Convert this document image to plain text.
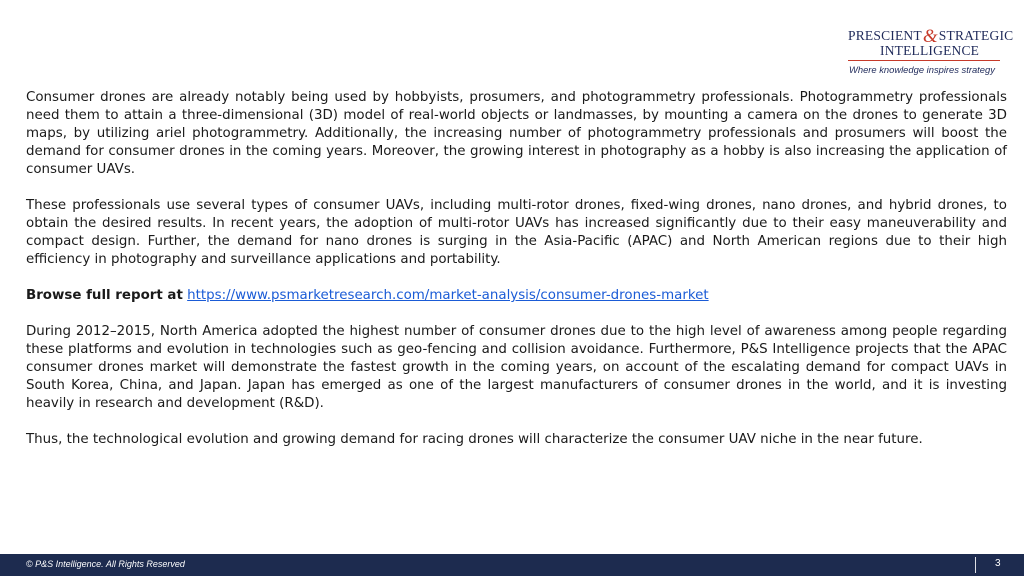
PRESCIENT&STRATEGIC
INTELLIGENCE
Where knowledge inspires strategy

Consumer drones are already notably being used by hobbyists, prosumers, and photogrammetry professionals. Photogrammetry professionals need them to attain a three-dimensional (3D) model of real-world objects or landmasses, by mounting a camera on the drones to generate 3D maps, by utilizing ariel photogrammetry. Additionally, the increasing number of photogrammetry professionals and prosumers will boost the demand for consumer drones in the coming years. Moreover, the growing interest in photography as a hobby is also increasing the application of consumer UAVs.

These professionals use several types of consumer UAVs, including multi-rotor drones, fixed-wing drones, nano drones, and hybrid drones, to obtain the desired results. In recent years, the adoption of multi-rotor UAVs has increased significantly due to their easy maneuverability and compact design. Further, the demand for nano drones is surging in the Asia-Pacific (APAC) and North American regions due to their high efficiency in photography and surveillance applications and portability.

Browse full report at https://www.psmarketresearch.com/market-analysis/consumer-drones-market

During 2012–2015, North America adopted the highest number of consumer drones due to the high level of awareness among people regarding these platforms and evolution in technologies such as geo-fencing and collision avoidance. Furthermore, P&S Intelligence projects that the APAC consumer drones market will demonstrate the fastest growth in the coming years, on account of the escalating demand for compact UAVs in South Korea, China, and Japan. Japan has emerged as one of the largest manufacturers of consumer drones in the world, and it is investing heavily in research and development (R&D).

Thus, the technological evolution and growing demand for racing drones will characterize the consumer UAV niche in the near future.

© P&S Intelligence. All Rights Reserved	3
